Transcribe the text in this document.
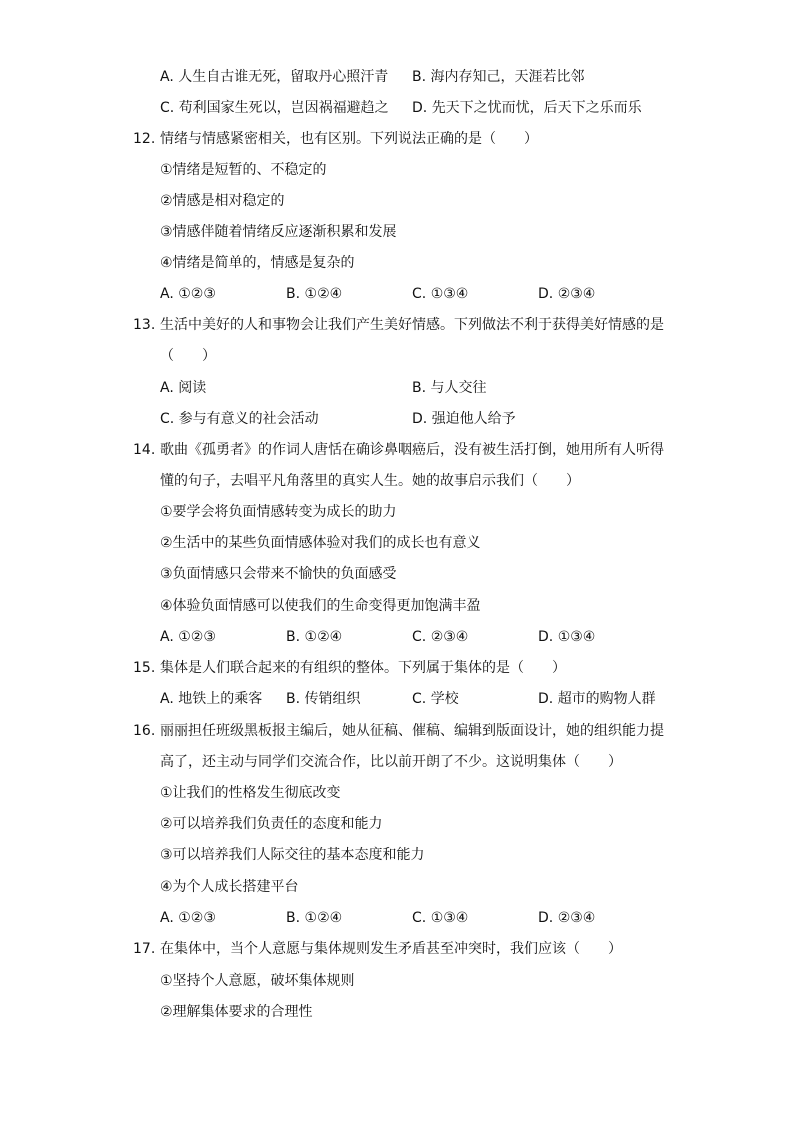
A. 人生自古谁无死，留取丹心照汗青 B. 海内存知己，天涯若比邻
C. 苟利国家生死以，岂因祸福避趋之 D. 先天下之忧而忧，后天下之乐而乐
12. 情绪与情感紧密相关，也有区别。下列说法正确的是（　　）
①情绪是短暂的、不稳定的
②情感是相对稳定的
③情感伴随着情绪反应逐渐积累和发展
④情绪是简单的，情感是复杂的
A. ①②③	B. ①②④	C. ①③④	D. ②③④
13. 生活中美好的人和事物会让我们产生美好情感。下列做法不利于获得美好情感的是
（　　）
A. 阅读	B. 与人交往
C. 参与有意义的社会活动	D. 强迫他人给予
14. 歌曲《孤勇者》的作词人唐恬在确诊鼻咽癌后，没有被生活打倒，她用所有人听得
懂的句子，去唱平凡角落里的真实人生。她的故事启示我们（　　）
①要学会将负面情感转变为成长的助力
②生活中的某些负面情感体验对我们的成长也有意义
③负面情感只会带来不愉快的负面感受
④体验负面情感可以使我们的生命变得更加饱满丰盈
A. ①②③	B. ①②④	C. ②③④	D. ①③④
15. 集体是人们联合起来的有组织的整体。下列属于集体的是（　　）
A. 地铁上的乘客 B. 传销组织	C. 学校	D. 超市的购物人群
16. 丽丽担任班级黑板报主编后，她从征稿、催稿、编辑到版面设计，她的组织能力提
高了，还主动与同学们交流合作，比以前开朗了不少。这说明集体（　　）
①让我们的性格发生彻底改变
②可以培养我们负责任的态度和能力
③可以培养我们人际交往的基本态度和能力
④为个人成长搭建平台
A. ①②③	B. ①②④	C. ①③④	D. ②③④
17. 在集体中，当个人意愿与集体规则发生矛盾甚至冲突时，我们应该（　　）
①坚持个人意愿，破坏集体规则
②理解集体要求的合理性
